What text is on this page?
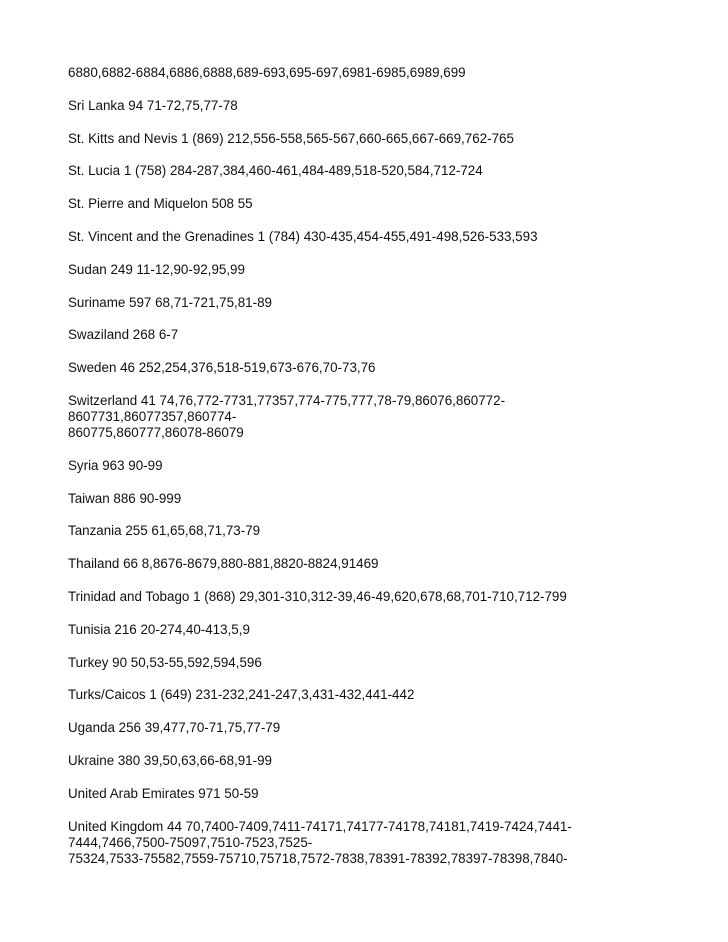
6880,6882-6884,6886,6888,689-693,695-697,6981-6985,6989,699

Sri Lanka 94 71-72,75,77-78

St. Kitts and Nevis 1 (869) 212,556-558,565-567,660-665,667-669,762-765

St. Lucia 1 (758) 284-287,384,460-461,484-489,518-520,584,712-724

St. Pierre and Miquelon 508 55

St. Vincent and the Grenadines 1 (784) 430-435,454-455,491-498,526-533,593

Sudan 249 11-12,90-92,95,99

Suriname 597 68,71-721,75,81-89

Swaziland 268 6-7

Sweden 46 252,254,376,518-519,673-676,70-73,76

Switzerland 41 74,76,772-7731,77357,774-775,777,78-79,86076,860772-
8607731,86077357,860774-
860775,860777,86078-86079

Syria 963 90-99

Taiwan 886 90-999

Tanzania 255 61,65,68,71,73-79

Thailand 66 8,8676-8679,880-881,8820-8824,91469

Trinidad and Tobago 1 (868) 29,301-310,312-39,46-49,620,678,68,701-710,712-799

Tunisia 216 20-274,40-413,5,9

Turkey 90 50,53-55,592,594,596

Turks/Caicos 1 (649) 231-232,241-247,3,431-432,441-442

Uganda 256 39,477,70-71,75,77-79

Ukraine 380 39,50,63,66-68,91-99

United Arab Emirates 971 50-59

United Kingdom 44 70,7400-7409,7411-74171,74177-74178,74181,7419-7424,7441-
7444,7466,7500-75097,7510-7523,7525-
75324,7533-75582,7559-75710,75718,7572-7838,78391-78392,78397-78398,7840-
